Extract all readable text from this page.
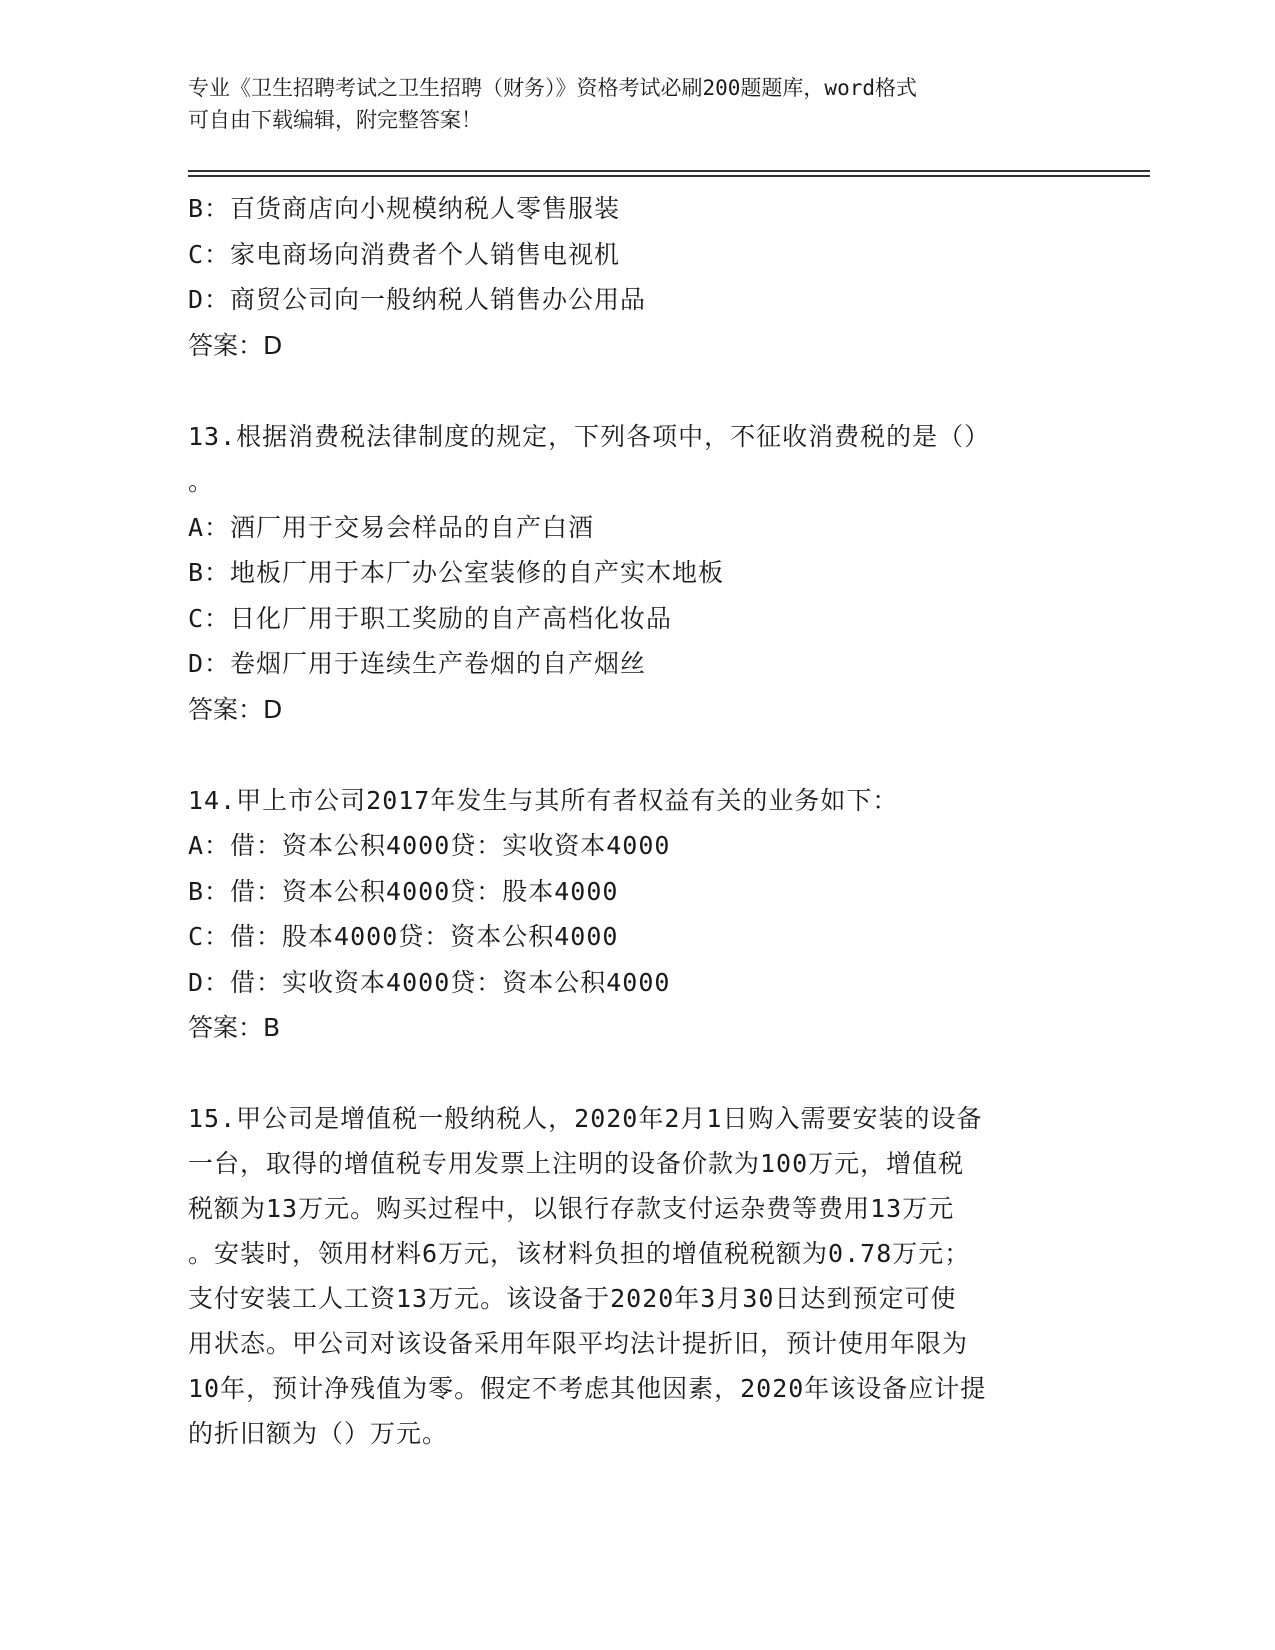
专业《卫生招聘考试之卫生招聘（财务）》资格考试必刷200题题库，word格式
可自由下载编辑，附完整答案！
B：百货商店向小规模纳税人零售服装
C：家电商场向消费者个人销售电视机
D：商贸公司向一般纳税人销售办公用品
答案：D
13.根据消费税法律制度的规定，下列各项中，不征收消费税的是（）
。
A：酒厂用于交易会样品的自产白酒
B：地板厂用于本厂办公室装修的自产实木地板
C：日化厂用于职工奖励的自产高档化妆品
D：卷烟厂用于连续生产卷烟的自产烟丝
答案：D
14.甲上市公司2017年发生与其所有者权益有关的业务如下：
A：借：资本公积4000贷：实收资本4000
B：借：资本公积4000贷：股本4000
C：借：股本4000贷：资本公积4000
D：借：实收资本4000贷：资本公积4000
答案：B
15.甲公司是增值税一般纳税人，2020年2月1日购入需要安装的设备
一台，取得的增值税专用发票上注明的设备价款为100万元，增值税
税额为13万元。购买过程中，以银行存款支付运杂费等费用13万元
。安装时，领用材料6万元，该材料负担的增值税税额为0.78万元；
支付安装工人工资13万元。该设备于2020年3月30日达到预定可使
用状态。甲公司对该设备采用年限平均法计提折旧，预计使用年限为
10年，预计净残值为零。假定不考虑其他因素，2020年该设备应计提
的折旧额为（）万元。
